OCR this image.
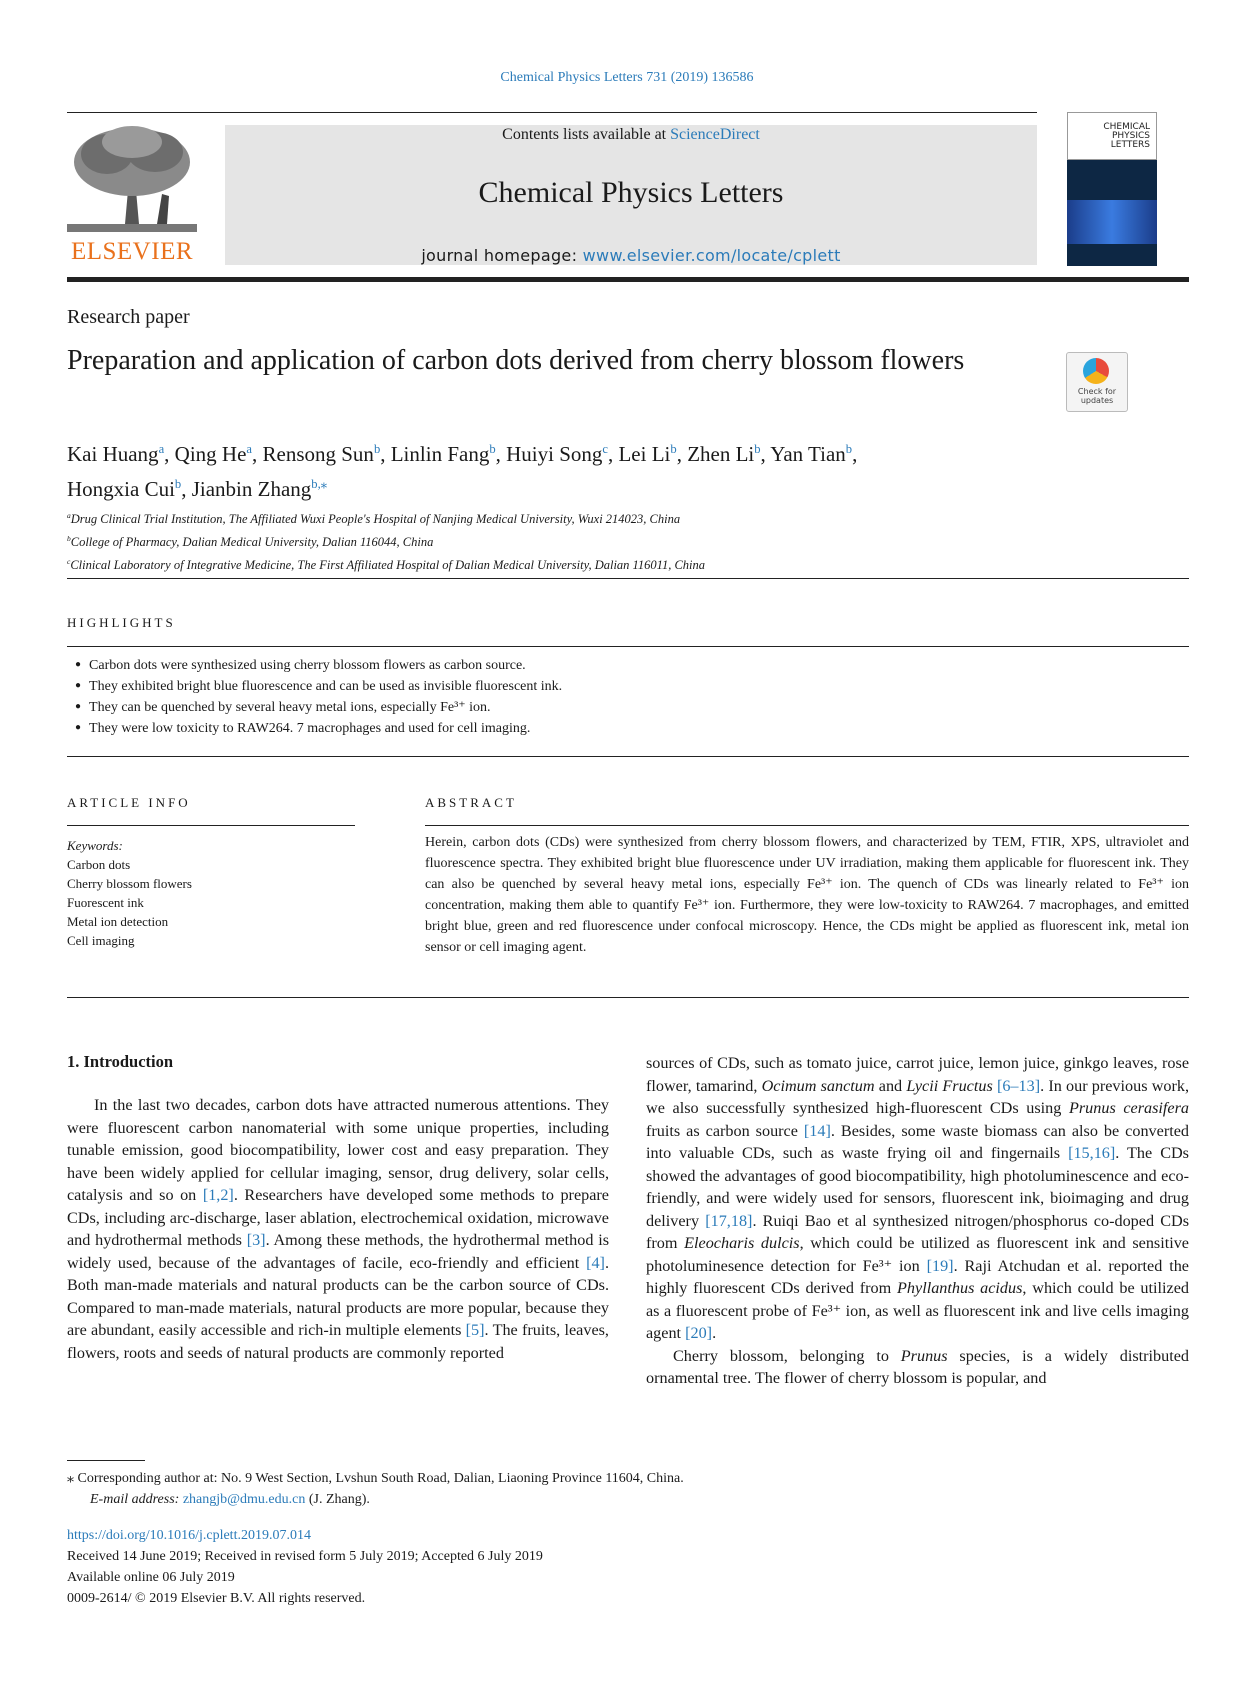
Chemical Physics Letters 731 (2019) 136586
ELSEVIER
Contents lists available at ScienceDirect
Chemical Physics Letters
journal homepage: www.elsevier.com/locate/cplett
CHEMICAL
PHYSICS
LETTERS
Research paper
Preparation and application of carbon dots derived from cherry blossom flowers
Check for
updates
Kai Huang$^a$, Qing He$^a$, Rensong Sun$^b$, Linlin Fang$^b$, Huiyi Song$^c$, Lei Li$^b$, Zhen Li$^b$, Yan Tian$^b$,
Hongxia Cui$^b$, Jianbin Zhang$^{b,⁎}$
$^a$Drug Clinical Trial Institution, The Affiliated Wuxi People's Hospital of Nanjing Medical University, Wuxi 214023, China
$^b$College of Pharmacy, Dalian Medical University, Dalian 116044, China
$^c$Clinical Laboratory of Integrative Medicine, The First Affiliated Hospital of Dalian Medical University, Dalian 116011, China
HIGHLIGHTS
● Carbon dots were synthesized using cherry blossom flowers as carbon source.
● They exhibited bright blue fluorescence and can be used as invisible fluorescent ink.
● They can be quenched by several heavy metal ions, especially Fe³⁺ ion.
● They were low toxicity to RAW264. 7 macrophages and used for cell imaging.
ARTICLE INFO	ABSTRACT
Keywords:
Carbon dots
Cherry blossom flowers
Fuorescent ink
Metal ion detection
Cell imaging
Herein, carbon dots (CDs) were synthesized from cherry blossom flowers, and characterized by TEM, FTIR, XPS, ultraviolet and fluorescence spectra. They exhibited bright blue fluorescence under UV irradiation, making them applicable for fluorescent ink. They can also be quenched by several heavy metal ions, especially Fe³⁺ ion. The quench of CDs was linearly related to Fe³⁺ ion concentration, making them able to quantify Fe³⁺ ion. Furthermore, they were low-toxicity to RAW264. 7 macrophages, and emitted bright blue, green and red fluorescence under confocal microscopy. Hence, the CDs might be applied as fluorescent ink, metal ion sensor or cell imaging agent.
1. Introduction
In the last two decades, carbon dots have attracted numerous attentions. They were fluorescent carbon nanomaterial with some unique properties, including tunable emission, good biocompatibility, lower cost and easy preparation. They have been widely applied for cellular imaging, sensor, drug delivery, solar cells, catalysis and so on [1,2]. Researchers have developed some methods to prepare CDs, including arc-discharge, laser ablation, electrochemical oxidation, microwave and hydrothermal methods [3]. Among these methods, the hydrothermal method is widely used, because of the advantages of facile, eco-friendly and efficient [4]. Both man-made materials and natural products can be the carbon source of CDs. Compared to man-made materials, natural products are more popular, because they are abundant, easily accessible and rich-in multiple elements [5]. The fruits, leaves, flowers, roots and seeds of natural products are commonly reported

sources of CDs, such as tomato juice, carrot juice, lemon juice, ginkgo leaves, rose flower, tamarind, Ocimum sanctum and Lycii Fructus [6–13]. In our previous work, we also successfully synthesized high-fluorescent CDs using Prunus cerasifera fruits as carbon source [14]. Besides, some waste biomass can also be converted into valuable CDs, such as waste frying oil and fingernails [15,16]. The CDs showed the advantages of good biocompatibility, high photoluminescence and eco-friendly, and were widely used for sensors, fluorescent ink, bioimaging and drug delivery [17,18]. Ruiqi Bao et al synthesized nitrogen/phosphorus co-doped CDs from Eleocharis dulcis, which could be utilized as fluorescent ink and sensitive photoluminesence detection for Fe³⁺ ion [19]. Raji Atchudan et al. reported the highly fluorescent CDs derived from Phyllanthus acidus, which could be utilized as a fluorescent probe of Fe³⁺ ion, as well as fluorescent ink and live cells imaging agent [20].

Cherry blossom, belonging to Prunus species, is a widely distributed ornamental tree. The flower of cherry blossom is popular, and

⁎ Corresponding author at: No. 9 West Section, Lvshun South Road, Dalian, Liaoning Province 11604, China.
E-mail address: zhangjb@dmu.edu.cn (J. Zhang).
https://doi.org/10.1016/j.cplett.2019.07.014
Received 14 June 2019; Received in revised form 5 July 2019; Accepted 6 July 2019
Available online 06 July 2019
0009-2614/ © 2019 Elsevier B.V. All rights reserved.
